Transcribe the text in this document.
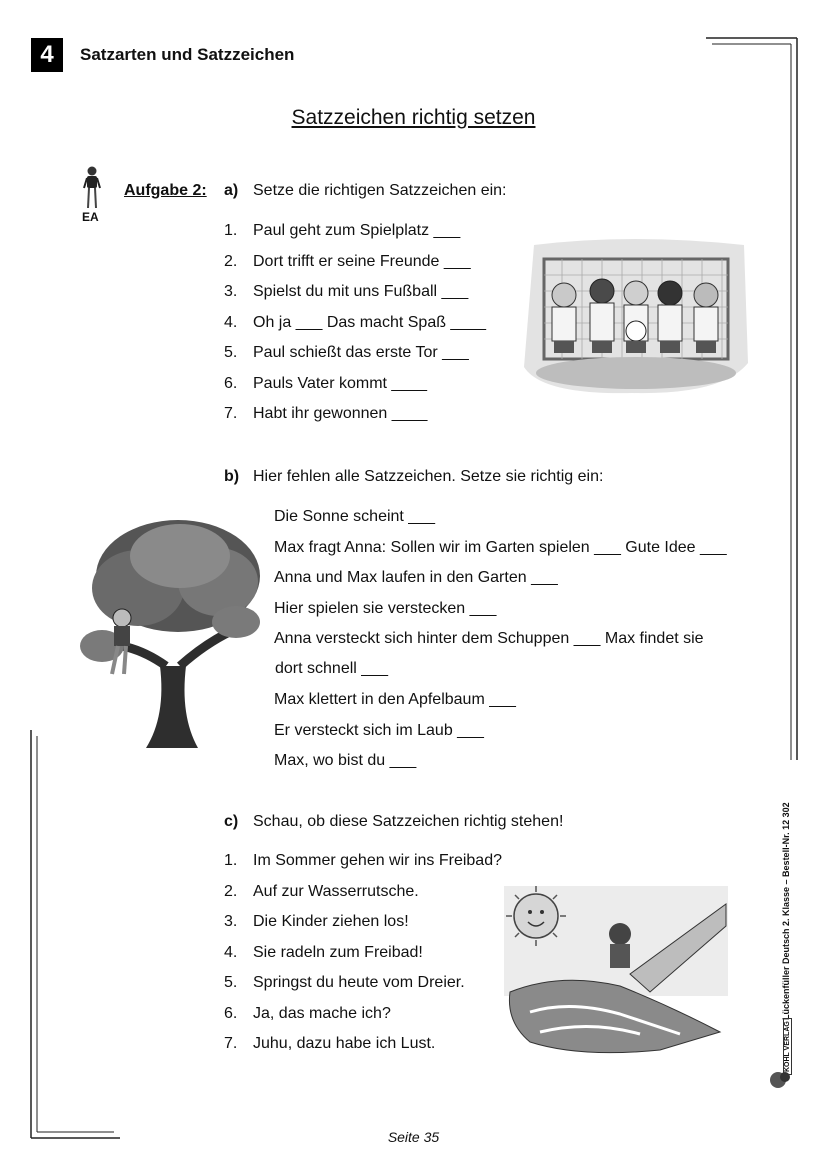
4	Satzarten und Satzzeichen
Satzzeichen richtig setzen
EA
Aufgabe 2: a) Setze die richtigen Satzzeichen ein:
1. Paul geht zum Spielplatz ___
2. Dort trifft er seine Freunde ___
3. Spielst du mit uns Fußball ___
4. Oh ja ___ Das macht Spaß ____
5. Paul schießt das erste Tor ___
6. Pauls Vater kommt ____
7. Habt ihr gewonnen ____
b) Hier fehlen alle Satzzeichen. Setze sie richtig ein:
Die Sonne scheint ___
Max fragt Anna: Sollen wir im Garten spielen ___ Gute Idee ___
Anna und Max laufen in den Garten ___
Hier spielen sie verstecken ___
Anna versteckt sich hinter dem Schuppen ___ Max findet sie
dort schnell ___
Max klettert in den Apfelbaum ___
Er versteckt sich im Laub ___
Max, wo bist du ___
c) Schau, ob diese Satzzeichen richtig stehen!
1. Im Sommer gehen wir ins Freibad?
2. Auf zur Wasserrutsche.
3. Die Kinder ziehen los!
4. Sie radeln zum Freibad!
5. Springst du heute vom Dreier.
6. Ja, das mache ich?
7. Juhu, dazu habe ich Lust.
Lückenfüller Deutsch 2. Klasse – Bestell-Nr. 12 302
KOHL VERLAG
Seite 35
